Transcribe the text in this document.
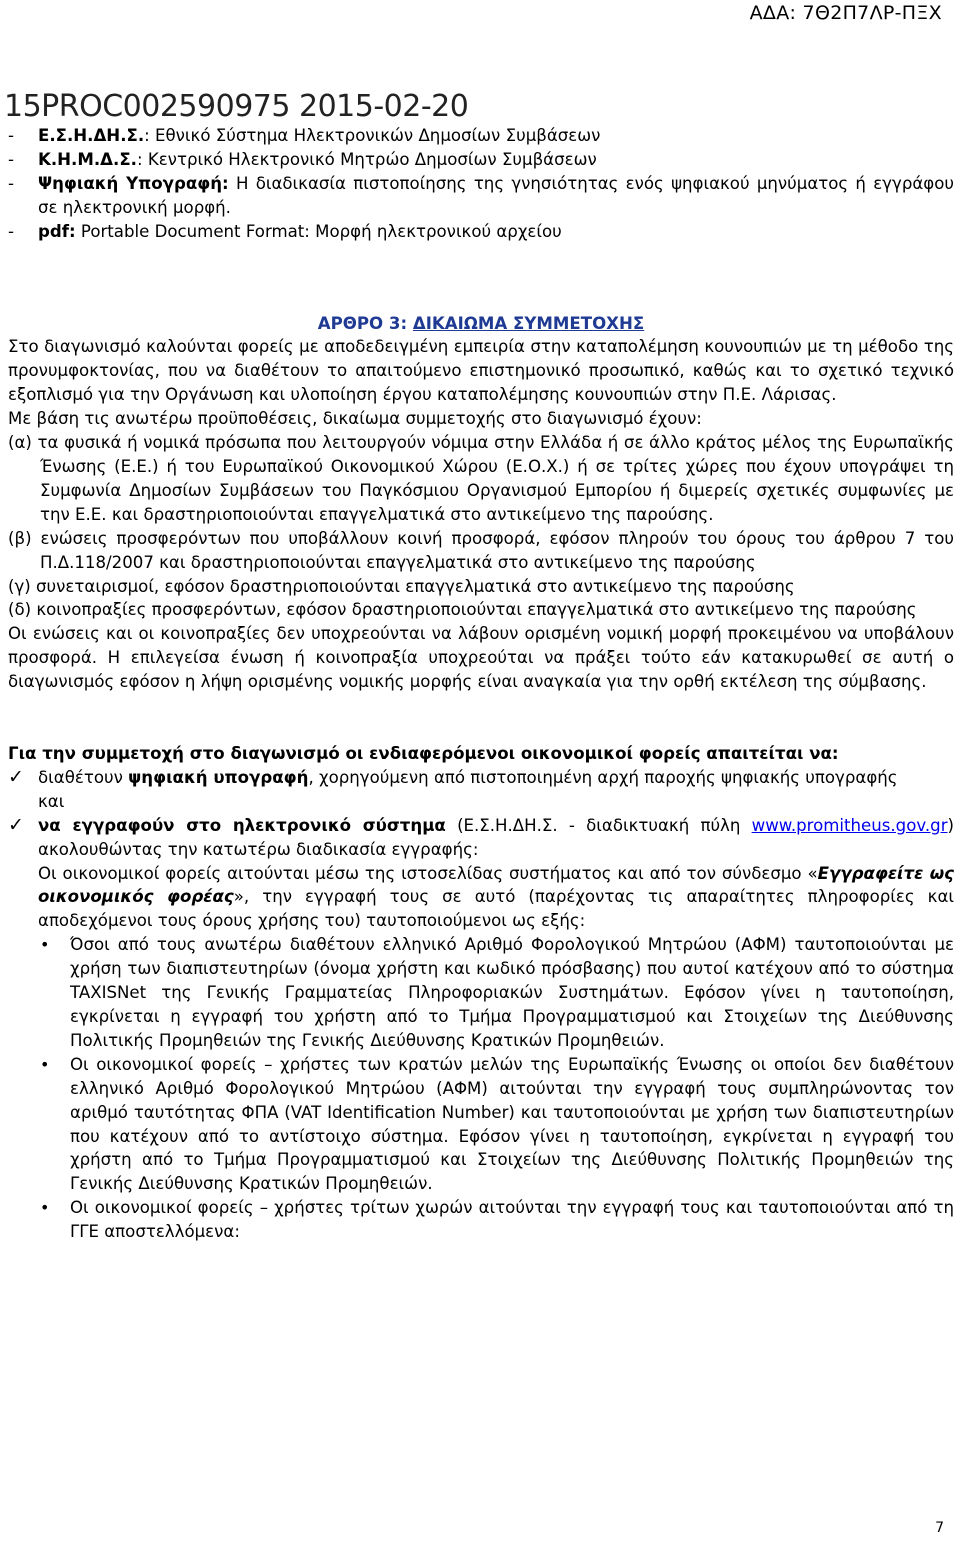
ΑΔΑ: 7Θ2Π7ΛΡ-ΠΞΧ
15PROC002590975 2015-02-20
- Ε.Σ.Η.ΔΗ.Σ.: Εθνικό Σύστημα Ηλεκτρονικών Δημοσίων Συμβάσεων
- Κ.Η.Μ.Δ.Σ.: Κεντρικό Ηλεκτρονικό Μητρώο Δημοσίων Συμβάσεων
- Ψηφιακή Υπογραφή: Η διαδικασία πιστοποίησης της γνησιότητας ενός ψηφιακού μηνύματος ή εγγράφου σε ηλεκτρονική μορφή.
- pdf: Portable Document Format: Μορφή ηλεκτρονικού αρχείου
ΑΡΘΡΟ 3: ΔΙΚΑΙΩΜΑ ΣΥΜΜΕΤΟΧΗΣ
Στο διαγωνισμό καλούνται φορείς με αποδεδειγμένη εμπειρία στην καταπολέμηση κουνουπιών με τη μέθοδο της προνυμφοκτονίας, που να διαθέτουν το απαιτούμενο επιστημονικό προσωπικό, καθώς και το σχετικό τεχνικό εξοπλισμό για την Οργάνωση και υλοποίηση έργου καταπολέμησης κουνουπιών στην Π.Ε. Λάρισας.
Με βάση τις ανωτέρω προϋποθέσεις, δικαίωμα συμμετοχής στο διαγωνισμό έχουν:
(α) τα φυσικά ή νομικά πρόσωπα που λειτουργούν νόμιμα στην Ελλάδα ή σε άλλο κράτος μέλος της Ευρωπαϊκής Ένωσης (Ε.Ε.) ή του Ευρωπαϊκού Οικονομικού Χώρου (Ε.Ο.Χ.) ή σε τρίτες χώρες που έχουν υπογράψει τη Συμφωνία Δημοσίων Συμβάσεων του Παγκόσμιου Οργανισμού Εμπορίου ή διμερείς σχετικές συμφωνίες με την Ε.Ε. και δραστηριοποιούνται επαγγελματικά στο αντικείμενο της παρούσης.
(β) ενώσεις προσφερόντων που υποβάλλουν κοινή προσφορά, εφόσον πληρούν του όρους του άρθρου 7 του Π.Δ.118/2007 και δραστηριοποιούνται επαγγελματικά στο αντικείμενο της παρούσης
(γ) συνεταιρισμοί, εφόσον δραστηριοποιούνται επαγγελματικά στο αντικείμενο της παρούσης
(δ) κοινοπραξίες προσφερόντων, εφόσον δραστηριοποιούνται επαγγελματικά στο αντικείμενο της παρούσης
Οι ενώσεις και οι κοινοπραξίες δεν υποχρεούνται να λάβουν ορισμένη νομική μορφή προκειμένου να υποβάλουν προσφορά. Η επιλεγείσα ένωση ή κοινοπραξία υποχρεούται να πράξει τούτο εάν κατακυρωθεί σε αυτή ο διαγωνισμός εφόσον η λήψη ορισμένης νομικής μορφής είναι αναγκαία για την ορθή εκτέλεση της σύμβασης.
Για την συμμετοχή στο διαγωνισμό οι ενδιαφερόμενοι οικονομικοί φορείς απαιτείται να:
✓ διαθέτουν ψηφιακή υπογραφή, χορηγούμενη από πιστοποιημένη αρχή παροχής ψηφιακής υπογραφής
και
✓ να εγγραφούν στο ηλεκτρονικό σύστημα (Ε.Σ.Η.ΔΗ.Σ. - διαδικτυακή πύλη www.promitheus.gov.gr) ακολουθώντας την κατωτέρω διαδικασία εγγραφής:
Οι οικονομικοί φορείς αιτούνται μέσω της ιστοσελίδας συστήματος και από τον σύνδεσμο «Εγγραφείτε ως οικονομικός φορέας», την εγγραφή τους σε αυτό (παρέχοντας τις απαραίτητες πληροφορίες και αποδεχόμενοι τους όρους χρήσης του) ταυτοποιούμενοι ως εξής:
• Όσοι από τους ανωτέρω διαθέτουν ελληνικό Αριθμό Φορολογικού Μητρώου (ΑΦΜ) ταυτοποιούνται με χρήση των διαπιστευτηρίων (όνομα χρήστη και κωδικό πρόσβασης) που αυτοί κατέχουν από το σύστημα TAXISNet της Γενικής Γραμματείας Πληροφοριακών Συστημάτων. Εφόσον γίνει η ταυτοποίηση, εγκρίνεται η εγγραφή του χρήστη από το Τμήμα Προγραμματισμού και Στοιχείων της Διεύθυνσης Πολιτικής Προμηθειών της Γενικής Διεύθυνσης Κρατικών Προμηθειών.
• Οι οικονομικοί φορείς – χρήστες των κρατών μελών της Ευρωπαϊκής Ένωσης οι οποίοι δεν διαθέτουν ελληνικό Αριθμό Φορολογικού Μητρώου (ΑΦΜ) αιτούνται την εγγραφή τους συμπληρώνοντας τον αριθμό ταυτότητας ΦΠΑ (VAT Identification Number) και ταυτοποιούνται με χρήση των διαπιστευτηρίων που κατέχουν από το αντίστοιχο σύστημα. Εφόσον γίνει η ταυτοποίηση, εγκρίνεται η εγγραφή του χρήστη από το Τμήμα Προγραμματισμού και Στοιχείων της Διεύθυνσης Πολιτικής Προμηθειών της Γενικής Διεύθυνσης Κρατικών Προμηθειών.
• Οι οικονομικοί φορείς – χρήστες τρίτων χωρών αιτούνται την εγγραφή τους και ταυτοποιούνται από τη ΓΓΕ αποστελλόμενα:
7
